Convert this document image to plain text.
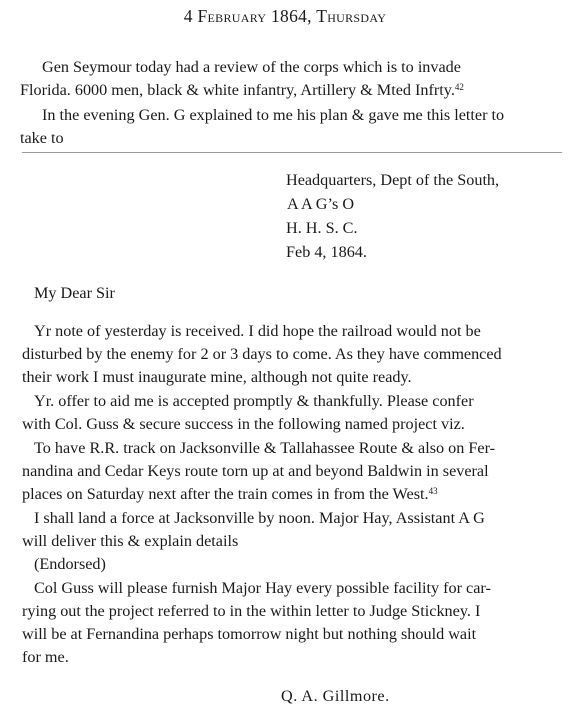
4 February 1864, Thursday

Gen Seymour today had a review of the corps which is to invade
Florida. 6000 men, black & white infantry, Artillery & Mted Infrty.$^{42}$

In the evening Gen. G explained to me his plan & gave me this letter to
take to

Headquarters, Dept of the South,
A A G’s O
H. H. S. C.
Feb 4, 1864.
My Dear Sir

Yr note of yesterday is received. I did hope the railroad would not be
disturbed by the enemy for 2 or 3 days to come. As they have commenced
their work I must inaugurate mine, although not quite ready.

Yr. offer to aid me is accepted promptly & thankfully. Please confer
with Col. Guss & secure success in the following named project viz.

To have R.R. track on Jacksonville & Tallahassee Route & also on Fer-
nandina and Cedar Keys route torn up at and beyond Baldwin in several
places on Saturday next after the train comes in from the West.$^{43}$

I shall land a force at Jacksonville by noon. Major Hay, Assistant A G
will deliver this & explain details

(Endorsed)

Col Guss will please furnish Major Hay every possible facility for car-
rying out the project referred to in the within letter to Judge Stickney. I
will be at Fernandina perhaps tomorrow night but nothing should wait
for me.

Q. A. Gillmore.
